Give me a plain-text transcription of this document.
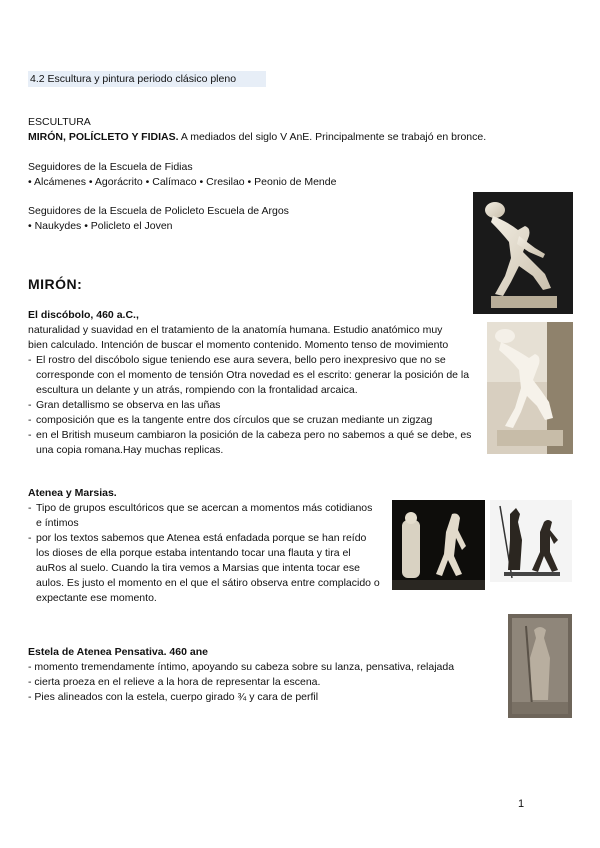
4.2 Escultura y pintura periodo clásico pleno
ESCULTURA
MIRÓN, POLÍCLETO Y FIDIAS. A mediados del siglo V AnE. Principalmente se trabajó en bronce.
Seguidores de la Escuela de Fidias
• Alcámenes • Agorácrito • Calímaco • Cresilao • Peonio de Mende
Seguidores de la Escuela de Policleto Escuela de Argos
• Naukydes • Policleto el Joven
MIRÓN:
El discóbolo, 460 a.C.,
naturalidad y suavidad en el tratamiento de la anatomía humana. Estudio anatómico muy
bien calculado. Intención de buscar el momento contenido. Momento tenso de movimiento
- El rostro del discóbolo sigue teniendo ese aura severa, bello pero inexpresivo que no se corresponde con el momento de tensión Otra novedad es el escrito: generar la posición de la escultura un delante y un atrás, rompiendo con la frontalidad arcaica.
- Gran detallismo se observa en las uñas
- composición que es la tangente entre dos círculos que se cruzan mediante un zigzag
- en el British museum cambiaron la posición de la cabeza pero no sabemos a qué se debe, es una copia romana.Hay muchas replicas.
Atenea y Marsias.
- Tipo de grupos escultóricos que se acercan a momentos más cotidianos e íntimos
- por los textos sabemos que Atenea está enfadada porque se han reído los dioses de ella porque estaba intentando tocar una flauta y tira el auRos al suelo. Cuando la tira vemos a Marsias que intenta tocar ese aulos. Es justo el momento en el que el sátiro observa entre complacido o expectante ese momento.
Estela de Atenea Pensativa. 460 ane
- momento tremendamente íntimo, apoyando su cabeza sobre su lanza, pensativa, relajada
- cierta proeza en el relieve a la hora de representar la escena.
- Pies alineados con la estela, cuerpo girado ¾ y cara de perfil
1
